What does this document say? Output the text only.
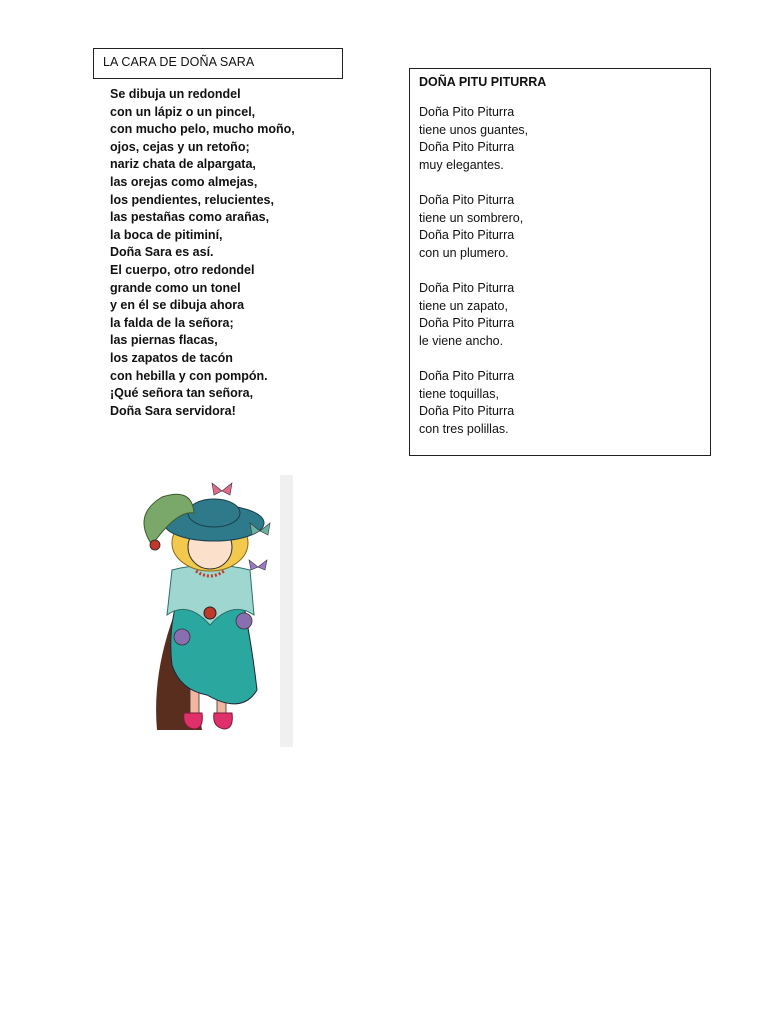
LA CARA DE DOÑA SARA
Se dibuja un redondel
con un lápiz o un pincel,
con mucho pelo, mucho moño,
ojos, cejas y un retoño;
nariz chata de alpargata,
las orejas como almejas,
los pendientes, relucientes,
las pestañas como arañas,
la boca de pitiminí,
Doña Sara es así.
El cuerpo, otro redondel
grande como un tonel
y en él se dibuja ahora
la falda de la señora;
las piernas flacas,
los zapatos de tacón
con hebilla y con pompón.
¡Qué señora tan señora,
Doña Sara servidora!
DOÑA PITU PITURRA
Doña Pito Piturra
tiene unos guantes,
Doña Pito Piturra
muy elegantes.
Doña Pito Piturra
tiene un sombrero,
Doña Pito Piturra
con un plumero.
Doña Pito Piturra
tiene un zapato,
Doña Pito Piturra
le viene ancho.
Doña Pito Piturra
tiene toquillas,
Doña Pito Piturra
con tres polillas.
